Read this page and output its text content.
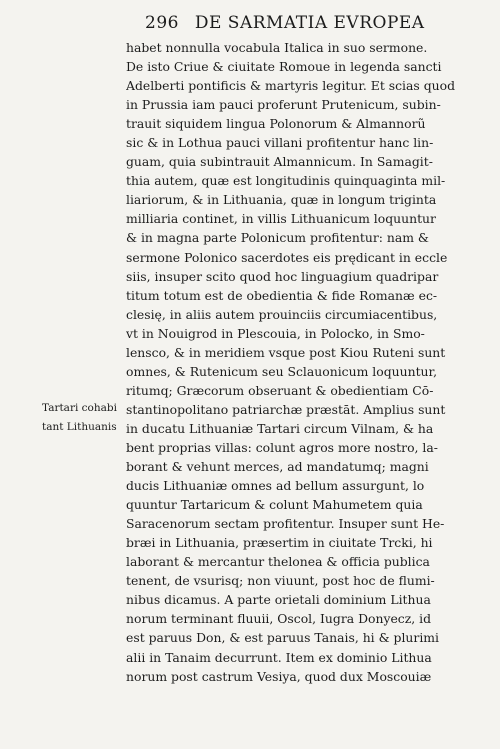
296 DE SARMATIA EVROPEA
Tartari cohabi
tant Lithuanis
habet nonnulla vocabula Italica in suo sermone.
De isto Criue & ciuitate Romoue in legenda sancti
Adelberti pontificis & martyris legitur. Et scias quod
in Prussia iam pauci proferunt Prutenicum, subin-
trauit siquidem lingua Polonorum & Almannorũ
sic & in Lothua pauci villani profitentur hanc lin-
guam, quia subintrauit Almannicum. In Samagit-
thia autem, quæ est longitudinis quinquaginta mil-
liariorum, & in Lithuania, quæ in longum triginta
milliaria continet, in villis Lithuanicum loquuntur
& in magna parte Polonicum profitentur: nam &
sermone Polonico sacerdotes eis prędicant in eccle
siis, insuper scito quod hoc linguagium quadripar
titum totum est de obedientia & fide Romanæ ec-
clesię, in aliis autem prouinciis circumiacentibus,
vt in Nouigrod in Plescouia, in Polocko, in Smo-
lensco, & in meridiem vsque post Kiou Ruteni sunt
omnes, & Rutenicum seu Sclauonicum loquuntur,
ritumq; Græcorum obseruant & obedientiam Cō-
stantinopolitano patriarchæ præstāt. Amplius sunt
in ducatu Lithuaniæ Tartari circum Vilnam, & ha
bent proprias villas: colunt agros more nostro, la-
borant & vehunt merces, ad mandatumq; magni
ducis Lithuaniæ omnes ad bellum assurgunt, lo
quuntur Tartaricum & colunt Mahumetem quia
Saracenorum sectam profitentur. Insuper sunt He-
bræi in Lithuania, præsertim in ciuitate Trcki, hi
laborant & mercantur thelonea & officia publica
tenent, de vsurisq; non viuunt, post hoc de flumi-
nibus dicamus. A parte orietali dominium Lithua
norum terminant fluuii, Oscol, Iugra Donyecz, id
est paruus Don, & est paruus Tanais, hi & plurimi
alii in Tanaim decurrunt. Item ex dominio Lithua
norum post castrum Vesiya, quod dux Moscouiæ
